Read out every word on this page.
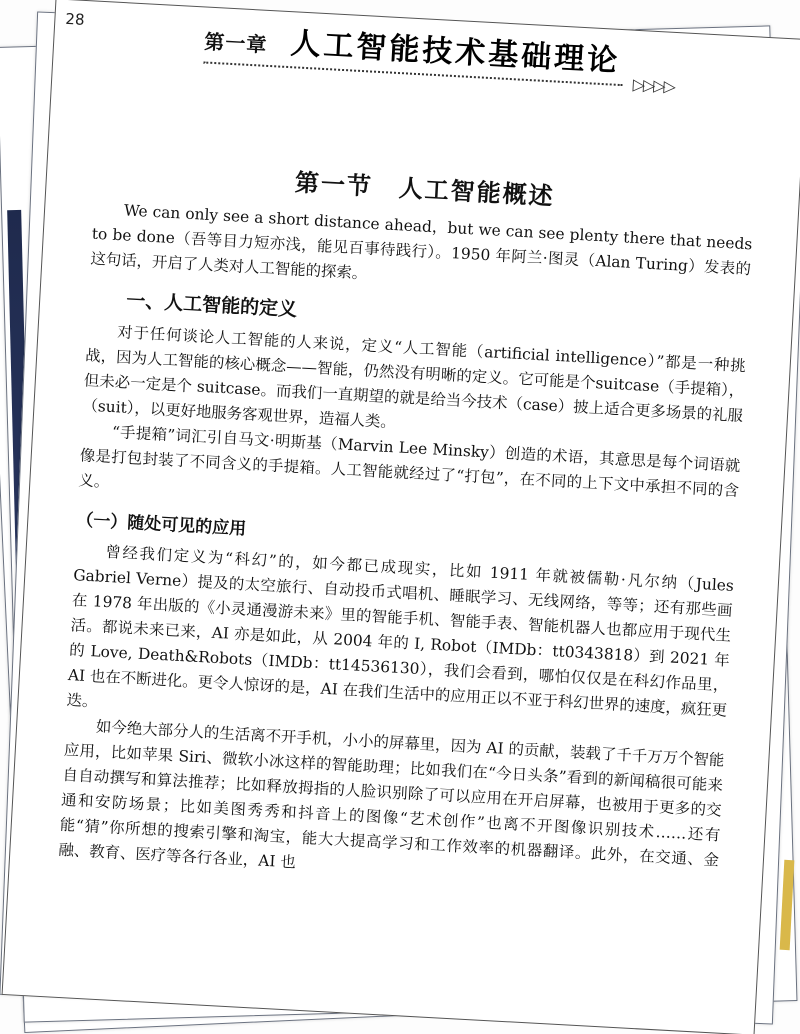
28
第一章 人工智能技术基础理论
▷▷▷▷
第一节　人工智能概述

We can only see a short distance ahead，but we can see plenty there that needs to be done（吾等目力短亦浅，能见百事待践行）。1950 年阿兰·图灵（Alan Turing）发表的这句话，开启了人类对人工智能的探索。

一、人工智能的定义

对于任何谈论人工智能的人来说，定义“人工智能（artificial intelligence）”都是一种挑战，因为人工智能的核心概念——智能，仍然没有明晰的定义。它可能是个suitcase（手提箱），但未必一定是个 suitcase。而我们一直期望的就是给当今技术（case）披上适合更多场景的礼服（suit），以更好地服务客观世界，造福人类。

“手提箱”词汇引自马文·明斯基（Marvin Lee Minsky）创造的术语，其意思是每个词语就像是打包封装了不同含义的手提箱。人工智能就经过了“打包”，在不同的上下文中承担不同的含义。

（一）随处可见的应用

曾经我们定义为“科幻”的，如今都已成现实，比如 1911 年就被儒勒·凡尔纳（Jules Gabriel Verne）提及的太空旅行、自动投币式唱机、睡眠学习、无线网络，等等；还有那些画在 1978 年出版的《小灵通漫游未来》里的智能手机、智能手表、智能机器人也都应用于现代生活。都说未来已来，AI 亦是如此，从 2004 年的 I, Robot（IMDb：tt0343818）到 2021 年的 Love, Death&Robots（IMDb：tt14536130），我们会看到，哪怕仅仅是在科幻作品里，AI 也在不断进化。更令人惊讶的是，AI 在我们生活中的应用正以不亚于科幻世界的速度，疯狂更迭。

如今绝大部分人的生活离不开手机，小小的屏幕里，因为 AI 的贡献，装载了千千万万个智能应用，比如苹果 Siri、微软小冰这样的智能助理；比如我们在“今日头条”看到的新闻稿很可能来自自动撰写和算法推荐；比如释放拇指的人脸识别除了可以应用在开启屏幕，也被用于更多的交通和安防场景；比如美图秀秀和抖音上的图像“艺术创作”也离不开图像识别技术……还有能“猜”你所想的搜索引擎和淘宝，能大大提高学习和工作效率的机器翻译。此外，在交通、金融、教育、医疗等各行各业，AI 也
